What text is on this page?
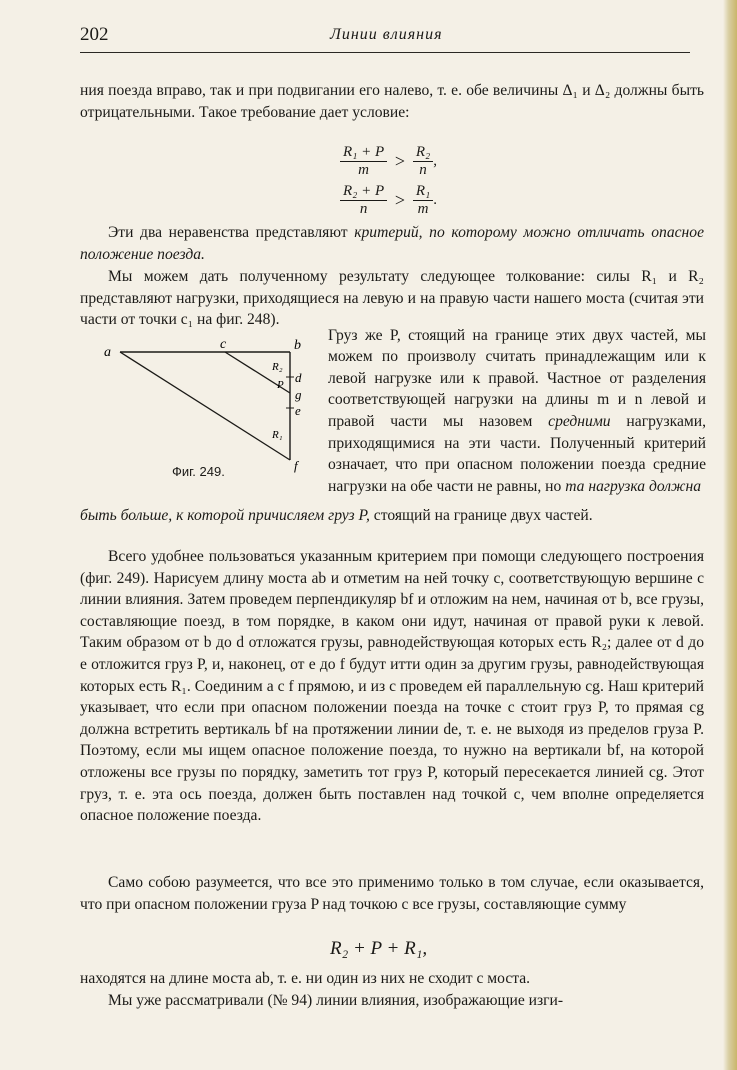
202	Линии влияния

ния поезда вправо, так и при подвигании его налево, т. е. обе величины Δ₁ и Δ₂ должны быть отрицательными. Такое требование дает условие:

$\frac{\text{R₁ + P}}{m} > \frac{\text{R₂}}{n}$ ,
$\frac{\text{R₂ + P}}{n} > \frac{\text{R₁}}{m}$ .

Эти два неравенства представляют критерий, по которому можно отличать опасное положение поезда.

Мы можем дать полученному результату следующее толкование: силы R₁ и R₂ представляют нагрузки, приходящиеся на левую и на правую части нашего моста (считая эти части от точки c₁ на фиг. 248).

a
c	b
d
g
e
f
R₂
P
R₁
Фиг. 249.

Груз же P, стоящий на границе этих двух частей, мы можем по произволу считать принадлежащим или к левой нагрузке или к правой. Частное от разделения соответствующей нагрузки на длины m и n левой и правой части мы назовем средними нагрузками, приходящимися на эти части. Полученный критерий означает, что при опасном положении поезда средние нагрузки на обе части не равны, но та нагрузка должна

быть больше, к которой причисляем груз P, стоящий на границе двух частей.

Всего удобнее пользоваться указанным критерием при помощи следующего построения (фиг. 249). Нарисуем длину моста ab и отметим на ней точку c, соответствующую вершине с линии влияния. Затем проведем перпендикуляр bf и отложим на нем, начиная от b, все грузы, составляющие поезд, в том порядке, в каком они идут, начиная от правой руки к левой. Таким образом от b до d отложатся грузы, равнодействующая которых есть R₂; далее от d до e отложится груз P, и, наконец, от e до f будут итти один за другим грузы, равнодействующая которых есть R₁. Соединим a с f прямою, и из c проведем ей параллельную cg. Наш критерий указывает, что если при опасном положении поезда на точке c стоит груз P, то прямая cg должна встретить вертикаль bf на протяжении линии de, т. е. не выходя из пределов груза P. Поэтому, если мы ищем опасное положение поезда, то нужно на вертикали bf, на которой отложены все грузы по порядку, заметить тот груз P, который пересекается линией cg. Этот груз, т. е. эта ось поезда, должен быть поставлен над точкой c, чем вполне определяется опасное положение поезда.

Само собою разумеется, что все это применимо только в том случае, если оказывается, что при опасном положении груза P над точкою c все грузы, составляющие сумму

R₂ + P + R₁,

находятся на длине моста ab, т. е. ни один из них не сходит с моста.

Мы уже рассматривали (№ 94) линии влияния, изображающие изги-
